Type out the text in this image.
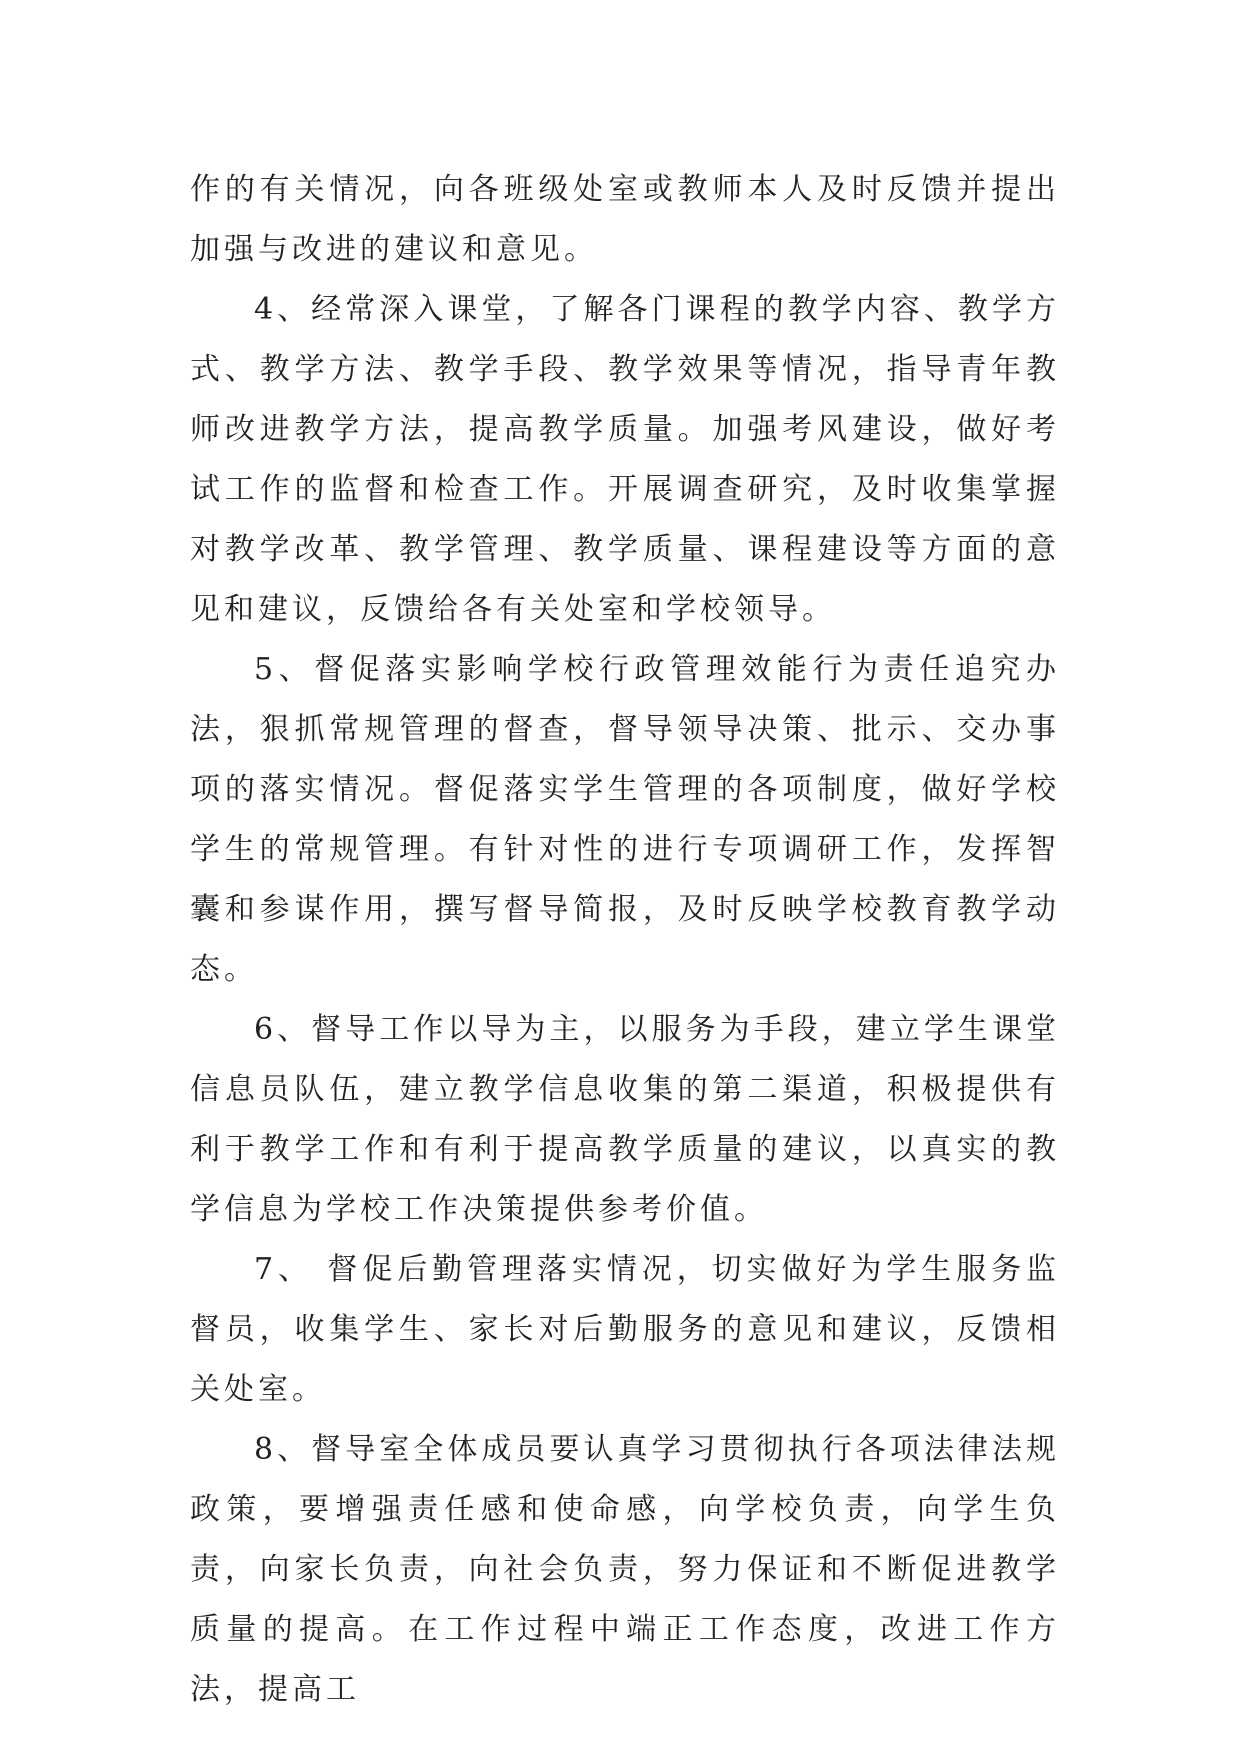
作的有关情况，向各班级处室或教师本人及时反馈并提出加强与改进的建议和意见。

4、经常深入课堂，了解各门课程的教学内容、教学方式、教学方法、教学手段、教学效果等情况，指导青年教师改进教学方法，提高教学质量。加强考风建设，做好考试工作的监督和检查工作。开展调查研究，及时收集掌握对教学改革、教学管理、教学质量、课程建设等方面的意见和建议，反馈给各有关处室和学校领导。

5、督促落实影响学校行政管理效能行为责任追究办法，狠抓常规管理的督查，督导领导决策、批示、交办事项的落实情况。督促落实学生管理的各项制度，做好学校学生的常规管理。有针对性的进行专项调研工作，发挥智囊和参谋作用，撰写督导简报，及时反映学校教育教学动态。

6、督导工作以导为主，以服务为手段，建立学生课堂信息员队伍，建立教学信息收集的第二渠道，积极提供有利于教学工作和有利于提高教学质量的建议，以真实的教学信息为学校工作决策提供参考价值。

7、 督促后勤管理落实情况，切实做好为学生服务监督员，收集学生、家长对后勤服务的意见和建议，反馈相关处室。

8、督导室全体成员要认真学习贯彻执行各项法律法规政策，要增强责任感和使命感，向学校负责，向学生负责，向家长负责，向社会负责，努力保证和不断促进教学质量的提高。在工作过程中端正工作态度，改进工作方法，提高工
